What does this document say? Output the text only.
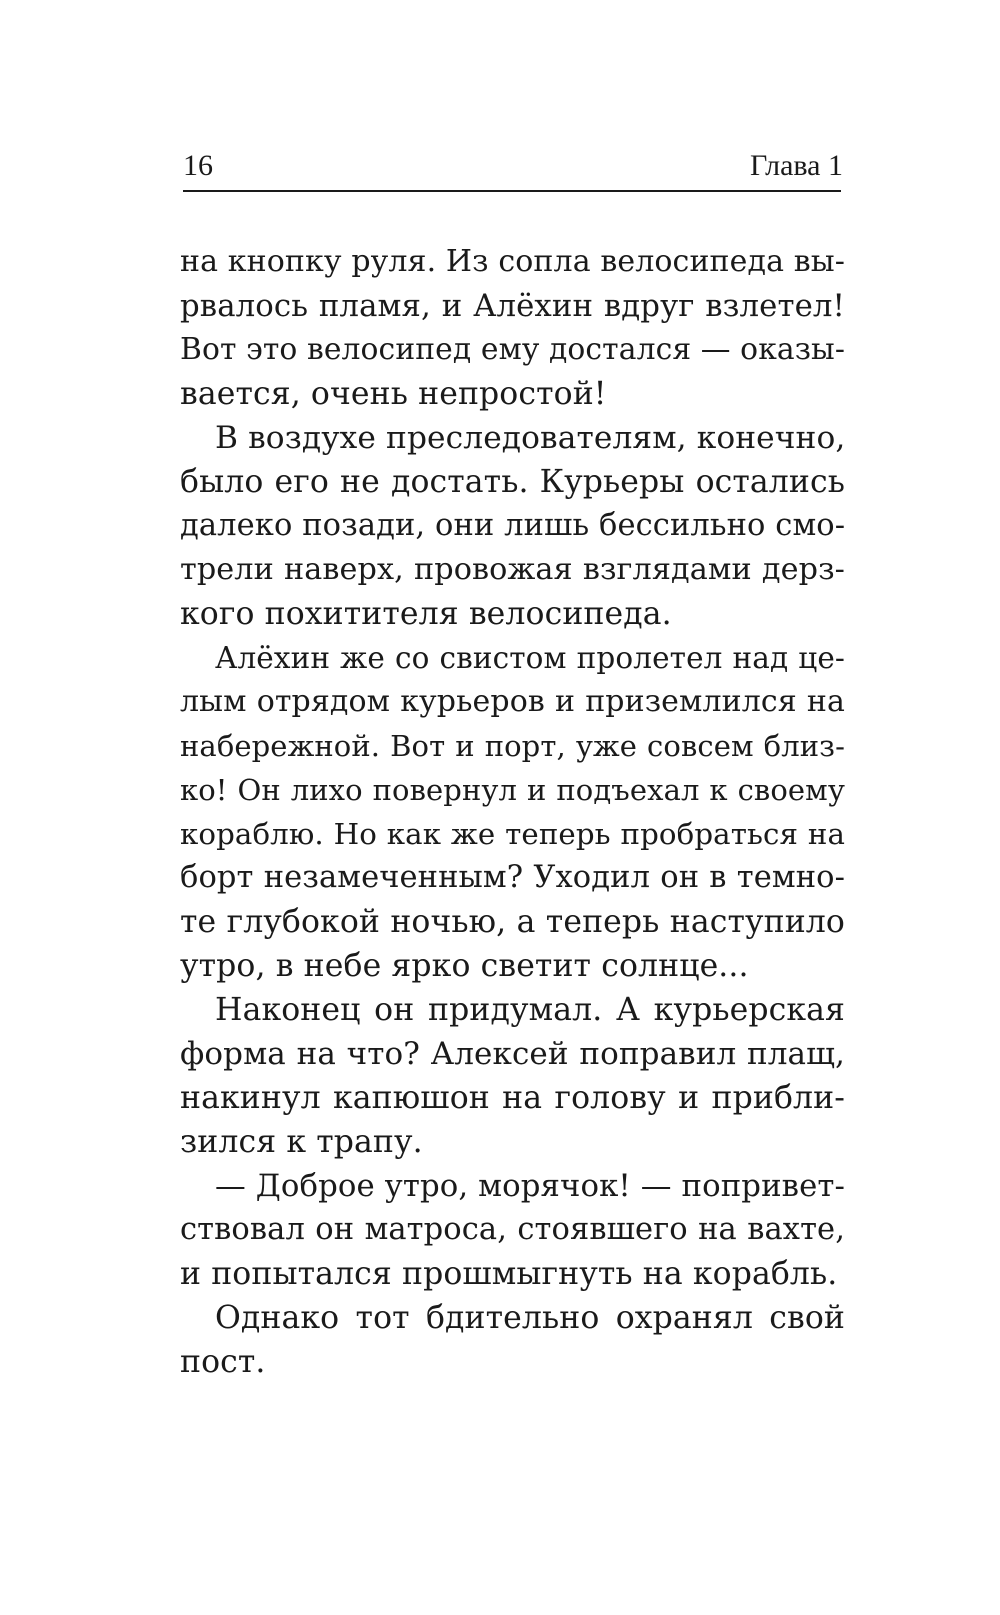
16	Глава 1
на кнопку руля. Из сопла велосипеда вы-
рвалось пламя, и Алёхин вдруг взлетел!
Вот это велосипед ему достался — оказы-
вается, очень непростой!
В воздухе преследователям, конечно,
было его не достать. Курьеры остались
далеко позади, они лишь бессильно смо-
трели наверх, провожая взглядами дерз-
кого похитителя велосипеда.
Алёхин же со свистом пролетел над це-
лым отрядом курьеров и приземлился на
набережной. Вот и порт, уже совсем близ-
ко! Он лихо повернул и подъехал к своему
кораблю. Но как же теперь пробраться на
борт незамеченным? Уходил он в темно-
те глубокой ночью, а теперь наступило
утро, в небе ярко светит солнце...
Наконец он придумал. А курьерская
форма на что? Алексей поправил плащ,
накинул капюшон на голову и прибли-
зился к трапу.
— Доброе утро, морячок! — попривет-
ствовал он матроса, стоявшего на вахте,
и попытался прошмыгнуть на корабль.
Однако тот бдительно охранял свой
пост.
